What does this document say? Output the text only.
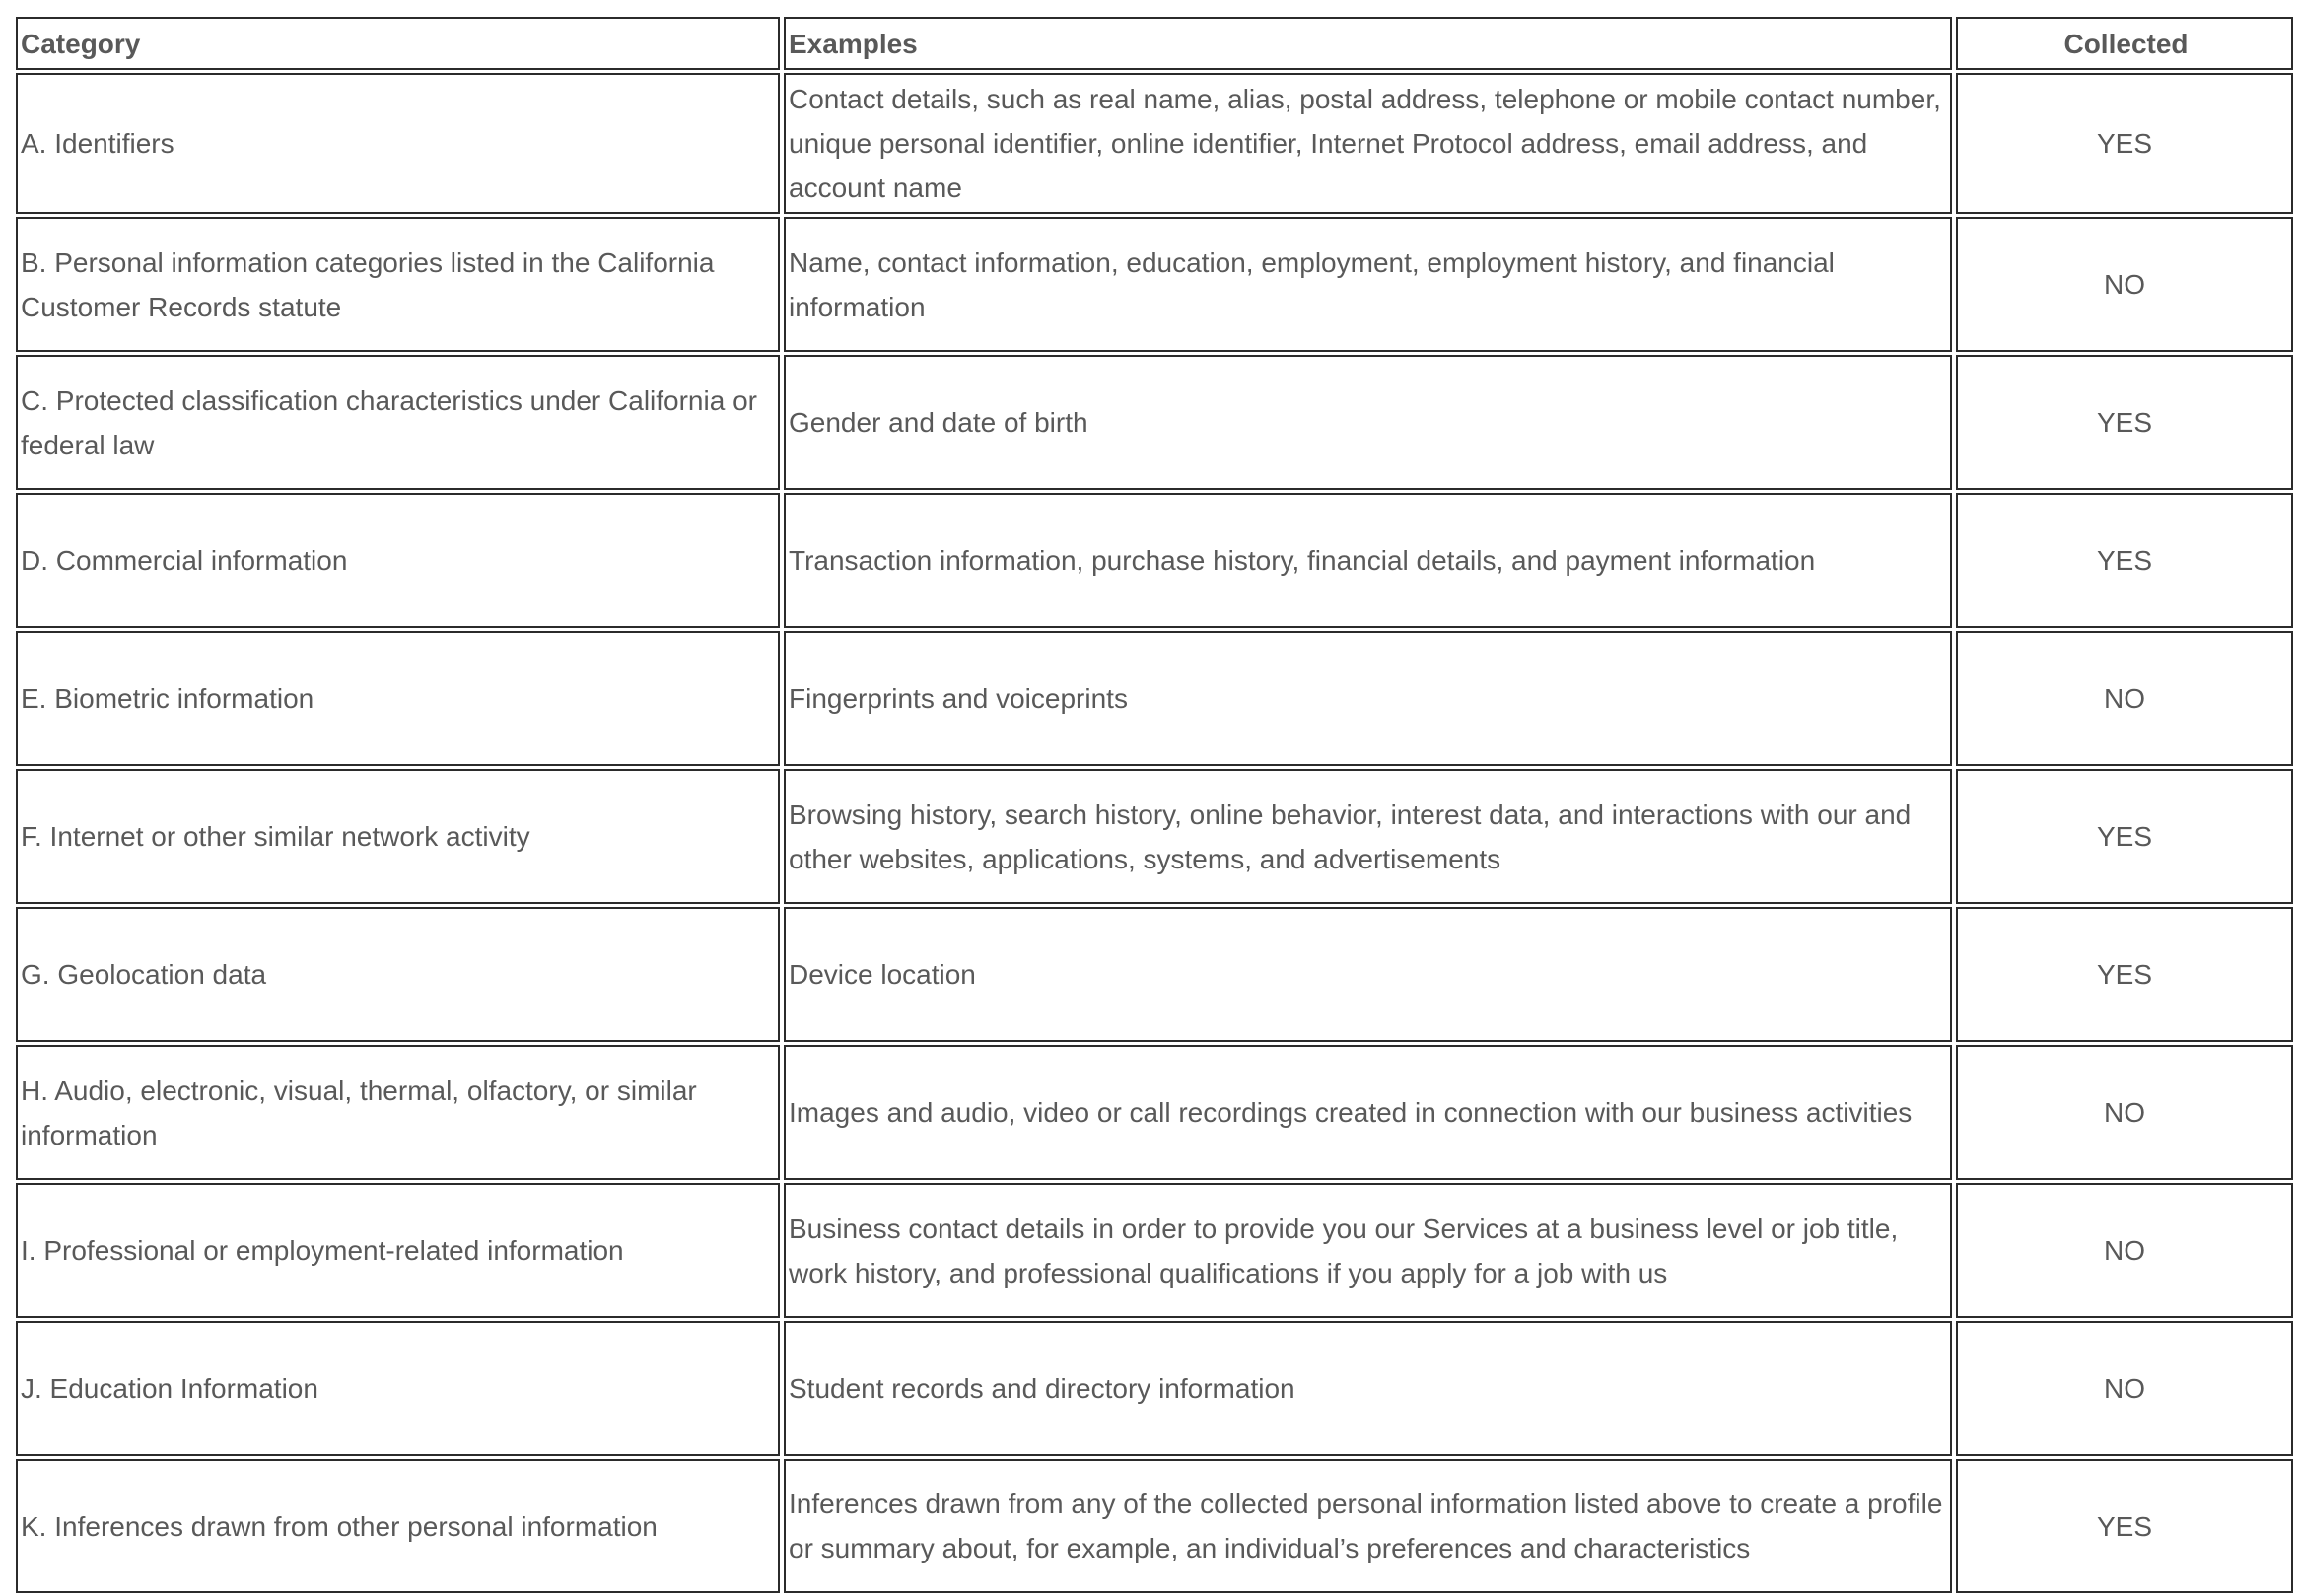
Category	Examples	Collected
A. Identifiers	Contact details, such as real name, alias, postal address, telephone or mobile contact number, unique personal identifier, online identifier, Internet Protocol address, email address, and account name	YES
B. Personal information categories listed in the California Customer Records statute	Name, contact information, education, employment, employment history, and financial information	NO
C. Protected classification characteristics under California or federal law	Gender and date of birth	YES
D. Commercial information	Transaction information, purchase history, financial details, and payment information	YES
E. Biometric information	Fingerprints and voiceprints	NO
F. Internet or other similar network activity	Browsing history, search history, online behavior, interest data, and interactions with our and other websites, applications, systems, and advertisements	YES
G. Geolocation data	Device location	YES
H. Audio, electronic, visual, thermal, olfactory, or similar information	Images and audio, video or call recordings created in connection with our business activities	NO
I. Professional or employment-related information	Business contact details in order to provide you our Services at a business level or job title, work history, and professional qualifications if you apply for a job with us	NO
J. Education Information	Student records and directory information	NO
K. Inferences drawn from other personal information	Inferences drawn from any of the collected personal information listed above to create a profile or summary about, for example, an individual’s preferences and characteristics	YES
